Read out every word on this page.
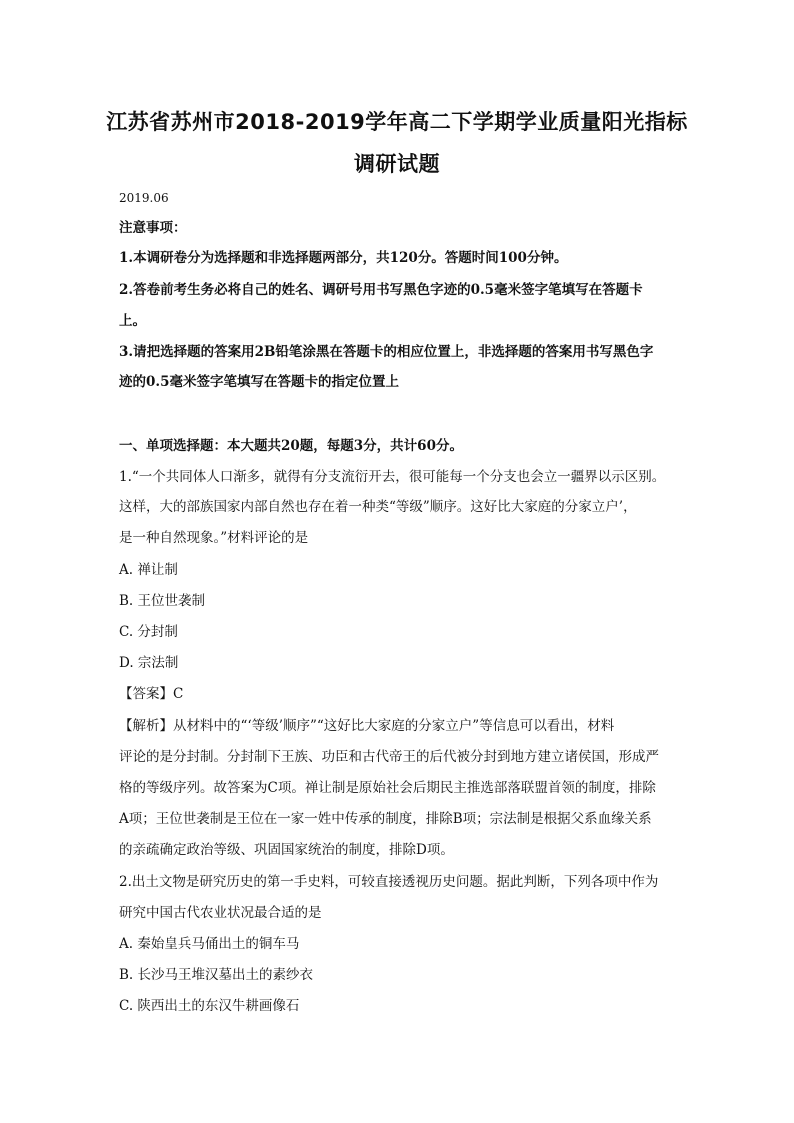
江苏省苏州市2018-2019学年高二下学期学业质量阳光指标
调研试题

2019.06

注意事项：

1.本调研卷分为选择题和非选择题两部分，共120分。答题时间100分钟。

2.答卷前考生务必将自己的姓名、调研号用书写黑色字迹的0.5毫米签字笔填写在答题卡

上。

3.请把选择题的答案用2B铅笔涂黑在答题卡的相应位置上，非选择题的答案用书写黑色字

迹的0.5毫米签字笔填写在答题卡的指定位置上

一、单项选择题：本大题共20题，每题3分，共计60分。

1.“一个共同体人口渐多，就得有分支流衍开去，很可能每一个分支也会立一疆界以示区别。

这样，大的部族国家内部自然也存在着一种类“等级”顺序。这好比大家庭的分家立户’，

是一种自然现象。”材料评论的是

A. 禅让制

B. 王位世袭制

C. 分封制

D. 宗法制

【答案】C

【解析】从材料中的“‘等级’顺序”“这好比大家庭的分家立户”等信息可以看出，材料

评论的是分封制。分封制下王族、功臣和古代帝王的后代被分封到地方建立诸侯国，形成严

格的等级序列。故答案为C项。禅让制是原始社会后期民主推选部落联盟首领的制度，排除

A项；王位世袭制是王位在一家一姓中传承的制度，排除B项；宗法制是根据父系血缘关系

的亲疏确定政治等级、巩固国家统治的制度，排除D项。

2.出土文物是研究历史的第一手史料，可较直接透视历史问题。据此判断，下列各项中作为

研究中国古代农业状况最合适的是

A. 秦始皇兵马俑出土的铜车马

B. 长沙马王堆汉墓出土的素纱衣

C. 陕西出土的东汉牛耕画像石
